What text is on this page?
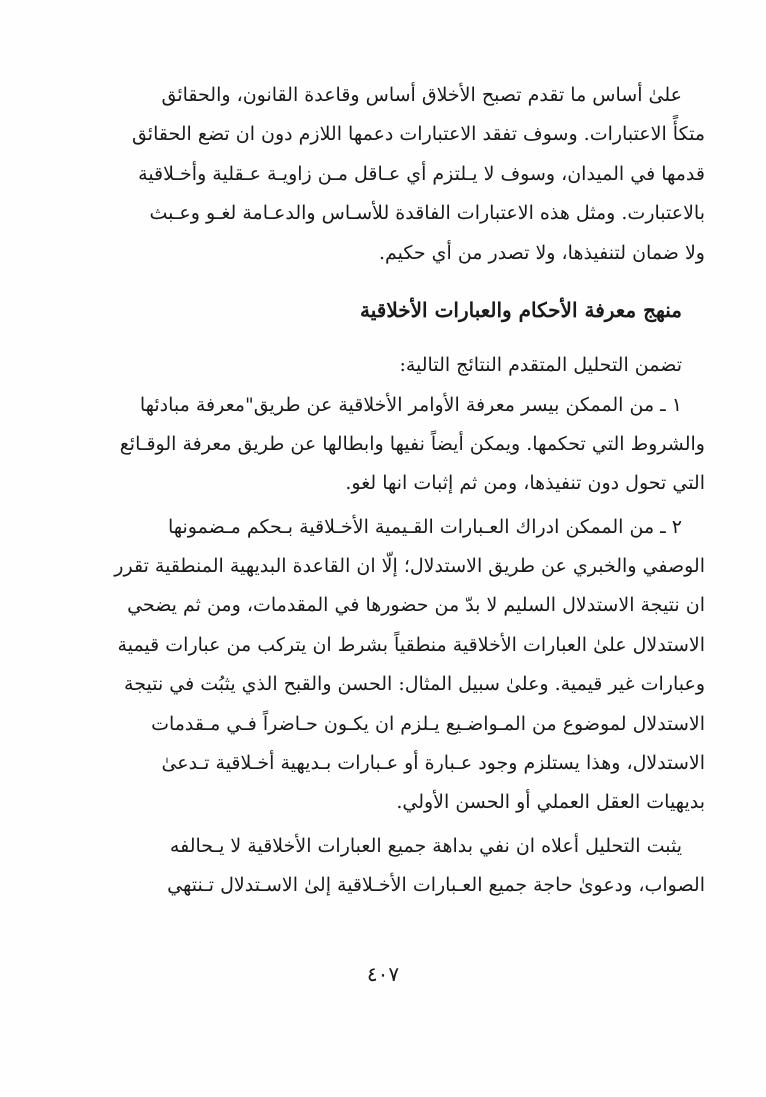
علىٰ أساس ما تقدم تصبح الأخلاق أساس وقاعدة القانون، والحقائق
متكأً الاعتبارات. وسوف تفقد الاعتبارات دعمها اللازم دون ان تضع الحقائق
قدمها في الميدان، وسوف لا يـلتزم أي عـاقل مـن زاويـة عـقلية وأخـلاقية
بالاعتبارت. ومثل هذه الاعتبارات الفاقدة للأسـاس والدعـامة لغـو وعـبث
ولا ضمان لتنفيذها، ولا تصدر من أي حكيم.
منهج معرفة الأحكام والعبارات الأخلاقية
تضمن التحليل المتقدم النتائج التالية:
١ ـ من الممكن بيسر معرفة الأوامر الأخلاقية عن طريق"معرفة مبادئها
والشروط التي تحكمها. ويمكن أيضاً نفيها وابطالها عن طريق معرفة الوقـائع
التي تحول دون تنفيذها، ومن ثم إثبات انها لغو.
٢ ـ من الممكن ادراك العـبارات القـيمية الأخـلاقية بـحكم مـضمونها
الوصفي والخبري عن طريق الاستدلال؛ إلّا ان القاعدة البديهية المنطقية تقرر
ان نتيجة الاستدلال السليم لا بدّ من حضورها في المقدمات، ومن ثم يضحي
الاستدلال علىٰ العبارات الأخلاقية منطقياً بشرط ان يتركب من عبارات قيمية
وعبارات غير قيمية. وعلىٰ سبيل المثال: الحسن والقبح الذي يثبُت في نتيجة
الاستدلال لموضوع من المـواضـيع يـلزم ان يكـون حـاضراً فـي مـقدمات
الاستدلال، وهذا يستلزم وجود عـبارة أو عـبارات بـديهية أخـلاقية تـدعىٰ
بديهيات العقل العملي أو الحسن الأولي.
يثبت التحليل أعلاه ان نفي بداهة جميع العبارات الأخلاقية لا يـحالفه
الصواب، ودعوىٰ حاجة جميع العـبارات الأخـلاقية إلىٰ الاسـتدلال تـنتهي
٤٠٧
